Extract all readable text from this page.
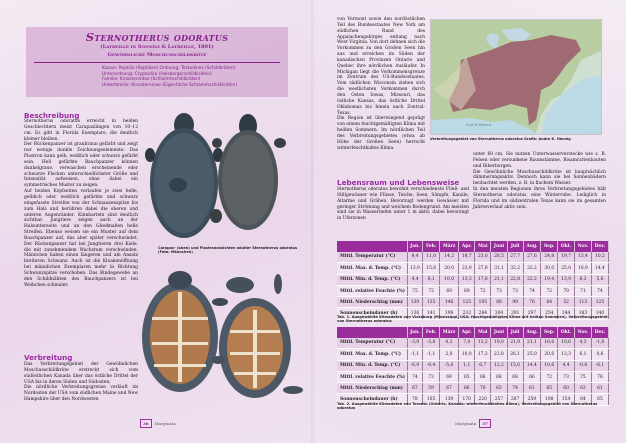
Sternotherus odoratus
(Latreille in Sonnini & Latreille, 1801)
Gewöhnliche Moschusschildkröte
Klasse: Reptilia (Reptilien) Ordnung: Testudines (Schildkröten)
Unterordnung: Cryptodira (Halsbergerschildkröten)
Familie: Kinosternidae (Schlammschildkröten)
Unterfamilie: Kinosterninae (Eigentliche Schlammschildkröten)
Beschreibung

Sternotherus odoratus erreicht in beiden Geschlechtern meist Carapaxlängen von 10–12 cm. Es gibt in Florida Exemplare, die deutlich kleiner bleiben.

Der Rückenpanzer ist graubraun gefärbt und zeigt nur wenige dunkle Zeichnungselemente. Das Plastron kann gelb, weißlich oder schwarz gefärbt sein. Hell gefärbte Bauchpanzer können dunkelgraue, verwaschen erscheinende oder schwarze Flecken unterschiedlichster Größe und Intensität aufweisen, ohne dabei ein symmetrisches Muster zu zeigen.

Auf beiden Kopfseiten verlaufen je zwei helle, gelblich oder weißlich gefärbte und schwarz eingefasste Streifen von der Schnauzenspitze bis zum Hals und berühren dabei die oberen und unteren Augenränder. Kinnbarteln sind deutlich sichtbar. Jungtiere zeigen auch an der Halsunterseite und an den Gliedmaßen helle Streifen. Ebenso weisen sie ein Muster auf dem Bauchpanzer auf, das aber später verschwindet. Der Rückenpanzer hat bei Jungtieren drei Kiele, die mit zunehmendem Wachstum verschwinden. Männchen haben einen längeren und am Ansatz breiteren Schwanz. Auch ist die Kloakenöffnung bei männlichen Exemplaren mehr in Richtung Schwanzspitze verschoben. Das Bindegewebe an den Schildnähten des Bauchpanzers ist bei Weibchen schmaler.

Verbreitung

Das Verbreitungsgebiet der Gewöhnlichen Moschusschildkröte erstreckt sich vom südöstlichen Kanada über das östliche Drittel der USA bis in deren Süden und Südosten.

Die nördliche Verbreitungsgrenze verläuft im Nordosten der USA vom südlichen Maine und New Hampshire über den Nordwesten

Carapax- (oben) und Plastronansichten adulter Sternotherus odoratus (Foto: Männchen)
36	Marginata

von Vermont sowie den nordöstlichen Teil des Bundesstaates New York am südlichen Rand des Appalachengebirges entlang nach West Virginia. Von dort dehnen sich die Vorkommen zu den Großen Seen hin aus und erreichen im Süden der kanadischen Provinzen Ontario und Quebec ihre nördlichen Ausläufer. In Michigan liegt die Vorkommensgrenze im Zentrum des US-Bundesstaates. Vom südlichen Wisconsin ziehen sich die westlichsten Vorkommen durch den Osten Iowas, Missouri, das östliche Kansas, das östliche Drittel Oklahomas bis hinein nach Zentral-Texas.

Die Region ist überwiegend geprägt von einem feuchtgemäßigten Klima mit heißen Sommern. Im nördlichen Teil des Verbreitungsgebietes (etwa ab Höhe der Großen Seen) herrscht winterfeuchtkaltes Klima.

Gulf of Mexico
Verbreitungsgebiet von Sternotherus odoratus Grafik: Andre K. Hennig
Lebensraum und Lebensweise

Sternotherus odoratus bewohnt verschiedenste Fließ- und Stillgewässer wie Flüsse, Teiche, Seen, Sümpfe, Kanäle, Altarme und Gräben. Bevorzugt werden Gewässer mit geringer Strömung und weichem Bodengrund. Am meisten sind sie in Wassertiefen unter 1 m aktiv, dabei bevorzugt in Uferzonen

unter 60 cm. Sie nutzen Unterwasserverstecke wie z. B. Felsen oder versunkene Baumstämme, Bisamrattenbauten und Biberburgen.

Die Gewöhnliche Moschusschildkröte ist hauptsächlich dämmerungsaktiv. Dennoch kann sie bei Sonnenbädern beobachtet werden, z. B. in flachem Wasser.

In den meisten Regionen ihres Verbreitungsgebietes hält Sternotherus odoratus eine Winterruhe. Lediglich in Florida und im südzentralen Texas kann sie im gesamten Jahresverlauf aktiv sein.

	Jan.	Feb.	März	Apr.	Mai	Juni	Juli	Aug.	Sep.	Okt.	Nov.	Dez.
Mittl. Temperatur (°C)	9,4	11,0	14,2	18,7	23,0	26,5	27,7	27,6	24,8	19,7	13,4	10,2
Mittl. Max. d. Temp. (°C)	13,9	15,6	20,0	23,9	27,8	31,1	32,2	32,2	30,0	25,0	18,9	14,4
Mittl. Min. d. Temp. (°C)	4,4	6,1	10,0	13,3	17,8	21,1	22,8	22,2	19,4	13,9	8,3	5,6
Mittl. relative Feuchte (%)	75	72	69	69	72	73	73	74	72	70	71	74
Mittl. Niederschlag (mm)	130	135	146	125	105	88	99	76	64	52	113	125
Sonnenscheindauer (h)	136	141	199	232	284	304	291	297	254	244	183	140
Tab. 1. Ausgewählte Klimadaten von Vicksburg (Mississippi, USA; feuchtgemäßigtes Klima mit heißen Sommern), Verbreitungsgebiet von Sternotherus odoratus
	Jan.	Feb.	März	Apr.	Mai	Juni	Juli	Aug.	Sep.	Okt.	Nov.	Dez.
Mittl. Temperatur (°C)	-3,9	-3,8	0,2	7,0	13,2	19,0	21,9	21,1	16,6	10,6	4,3	-1,8
Mittl. Max. d. Temp. (°C)	-1,1	-1,1	2,8	10,0	17,2	22,8	26,1	25,0	20,6	13,3	6,1	0,6
Mittl. Min. d. Temp. (°C)	-6,9	-9,4	-5,0	1,1	6,7	12,2	15,0	14,4	10,6	4,4	-0,6	-6,1
Mittl. relative Feuchte (%)	74	73	69	65	66	68	68	66	72	73	75	76
Mittl. Niederschlag (mm)	67	59	67	66	70	63	74	61	65	60	63	61
Sonnenscheindauer (h)	78	105	139	170	220	257	287	259	198	154	84	65
Tab. 2. Ausgewählte Klimadaten von Toronto (Ontario, Kanada; winterfeuchtkaltes Klima), Verbreitungsgebiet von Sternotherus odoratus
Marginata	37
